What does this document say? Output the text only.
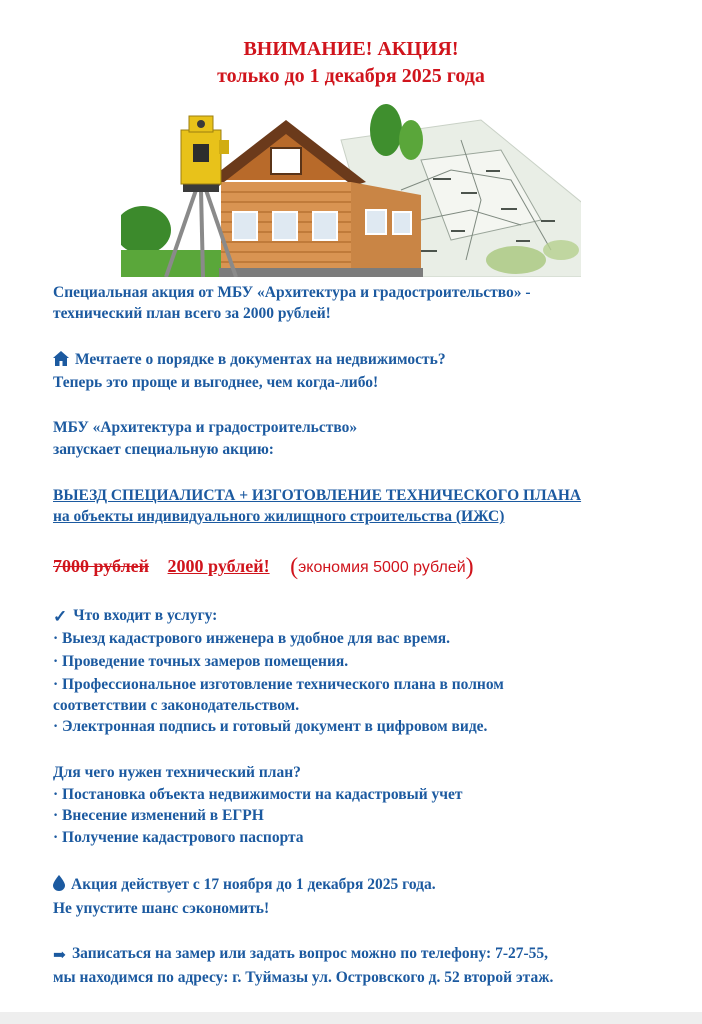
ВНИМАНИЕ! АКЦИЯ!
только до 1 декабря 2025 года
Специальная акция от МБУ «Архитектура и градостроительство» -
технический план всего за 2000 рублей!
Мечтаете о порядке в документах на недвижимость?
Теперь это проще и выгоднее, чем когда-либо!
МБУ «Архитектура и градостроительство»
запускает специальную акцию:
ВЫЕЗД СПЕЦИАЛИСТА + ИЗГОТОВЛЕНИЕ ТЕХНИЧЕСКОГО ПЛАНА
на объекты индивидуального жилищного строительства (ИЖС)
7000 рублей 2000 рублей! (экономия 5000 рублей)
✓ Что входит в услугу:
· Выезд кадастрового инженера в удобное для вас время.
· Проведение точных замеров помещения.
· Профессиональное изготовление технического плана в полном
соответствии с законодательством.
· Электронная подпись и готовый документ в цифровом виде.
Для чего нужен технический план?
· Постановка объекта недвижимости на кадастровый учет
· Внесение изменений в ЕГРН
· Получение кадастрового паспорта
Акция действует с 17 ноября до 1 декабря 2025 года.
Не упустите шанс сэкономить!
➡ Записаться на замер или задать вопрос можно по телефону: 7-27-55,
мы находимся по адресу: г. Туймазы ул. Островского д. 52 второй этаж.
